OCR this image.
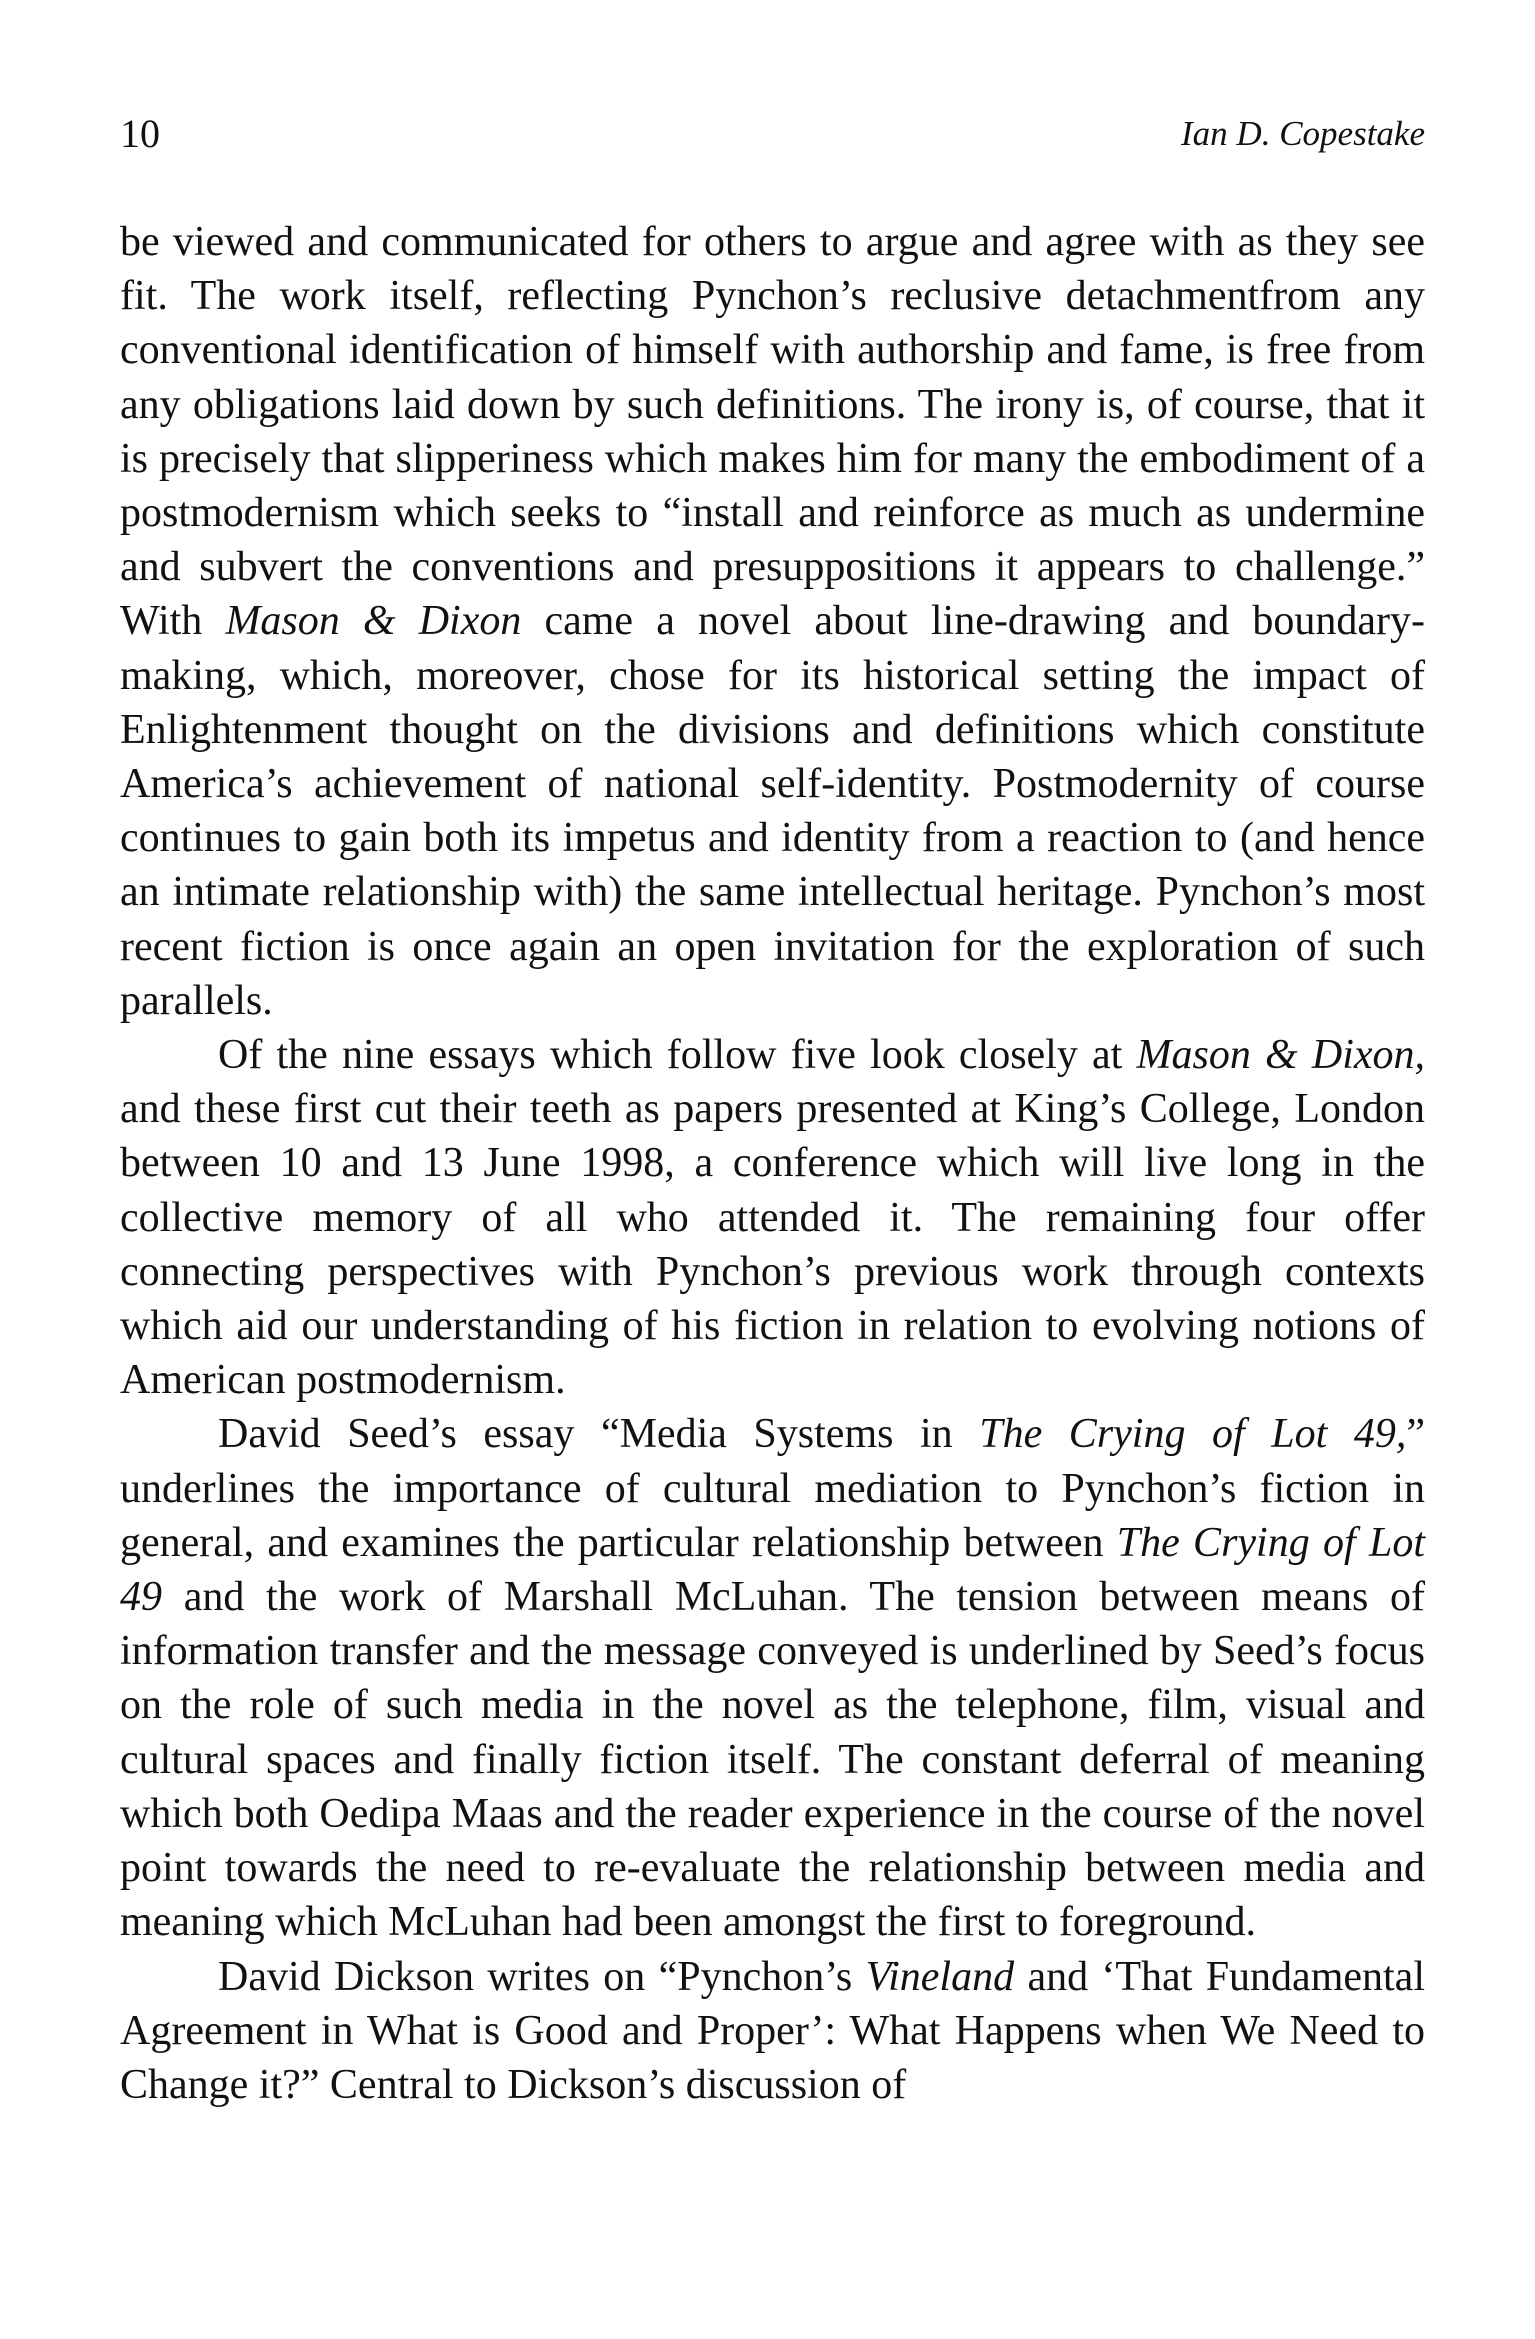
10	Ian D. Copestake

be viewed and communicated for others to argue and agree with as they see fit. The work itself, reflecting Pynchon’s reclusive detachmentfrom any conventional identification of himself with authorship and fame, is free from any obligations laid down by such definitions. The irony is, of course, that it is precisely that slipperiness which makes him for many the embodiment of a postmodernism which seeks to “install and reinforce as much as undermine and subvert the conventions and presuppositions it appears to challenge.” With Mason & Dixon came a novel about line-drawing and boundary-making, which, moreover, chose for its historical setting the impact of Enlightenment thought on the divisions and definitions which constitute America’s achievement of national self-identity. Postmodernity of course continues to gain both its impetus and identity from a reaction to (and hence an intimate relationship with) the same intellectual heritage. Pynchon’s most recent fiction is once again an open invitation for the exploration of such parallels.

Of the nine essays which follow five look closely at Mason & Dixon, and these first cut their teeth as papers presented at King’s College, London between 10 and 13 June 1998, a conference which will live long in the collective memory of all who attended it. The remaining four offer connecting perspectives with Pynchon’s previous work through contexts which aid our understanding of his fiction in relation to evolving notions of American postmodernism.

David Seed’s essay “Media Systems in The Crying of Lot 49,” underlines the importance of cultural mediation to Pynchon’s fiction in general, and examines the particular relationship between The Crying of Lot 49 and the work of Marshall McLuhan. The tension between means of information transfer and the message conveyed is underlined by Seed’s focus on the role of such media in the novel as the telephone, film, visual and cultural spaces and finally fiction itself. The constant deferral of meaning which both Oedipa Maas and the reader experience in the course of the novel point towards the need to re-evaluate the relationship between media and meaning which McLuhan had been amongst the first to foreground.

David Dickson writes on “Pynchon’s Vineland and ‘That Fundamental Agreement in What is Good and Proper’: What Happens when We Need to Change it?” Central to Dickson’s discussion of
